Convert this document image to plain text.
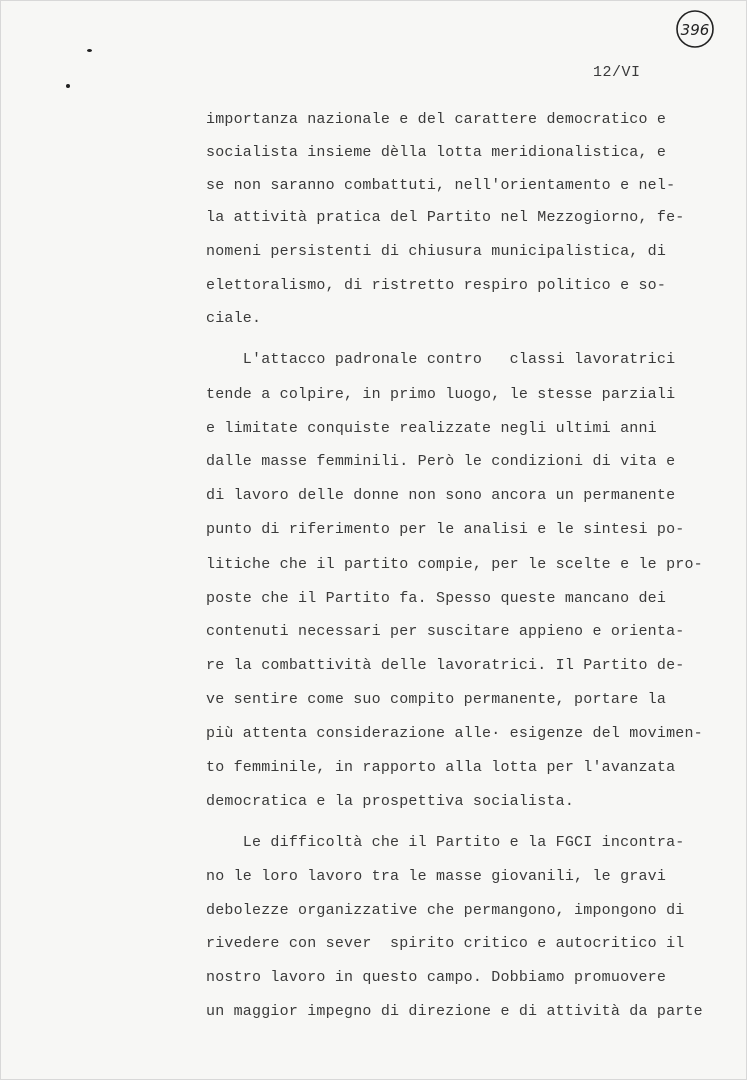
396
12/VI
importanza nazionale e del carattere democratico e
socialista insieme dèlla lotta meridionalistica, e
se non saranno combattuti, nell'orientamento e nel-
la attività pratica del Partito nel Mezzogiorno, fe-
nomeni persistenti di chiusura municipalistica, di
elettoralismo, di ristretto respiro politico e so-
ciale.
L'attacco padronale contro   classi lavoratrici
tende a colpire, in primo luogo, le stesse parziali
e limitate conquiste realizzate negli ultimi anni
dalle masse femminili. Però le condizioni di vita e
di lavoro delle donne non sono ancora un permanente
punto di riferimento per le analisi e le sintesi po-
litiche che il partito compie, per le scelte e le pro-
poste che il Partito fa. Spesso queste mancano dei
contenuti necessari per suscitare appieno e orienta-
re la combattività delle lavoratrici. Il Partito de-
ve sentire come suo compito permanente, portare la
più attenta considerazione alle· esigenze del movimen-
to femminile, in rapporto alla lotta per l'avanzata
democratica e la prospettiva socialista.
Le difficoltà che il Partito e la FGCI incontra-
no le loro lavoro tra le masse giovanili, le gravi
debolezze organizzative che permangono, impongono di
rivedere con sever  spirito critico e autocritico il
nostro lavoro in questo campo. Dobbiamo promuovere
un maggior impegno di direzione e di attività da parte
